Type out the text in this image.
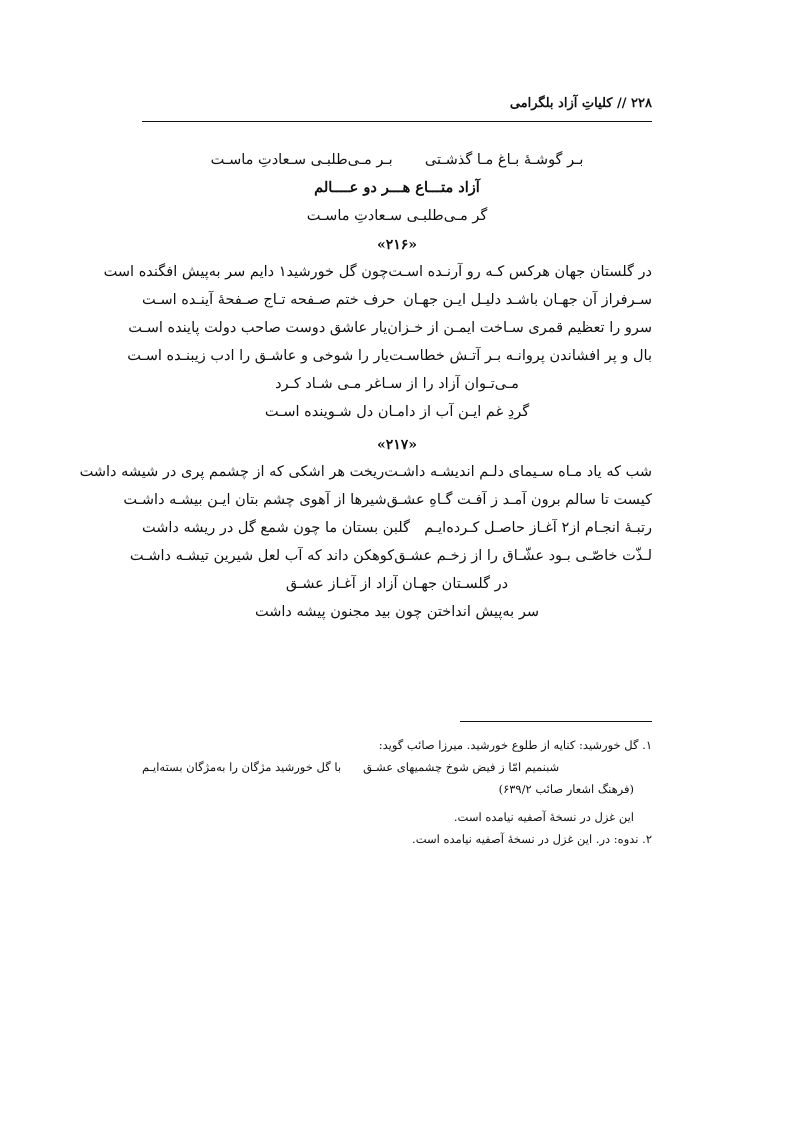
۲۲۸ // کلیاتِ آزاد بلگرامی
بـر گوشـۀ بـاغ مـا گذشـتی       بـر مـی‌طلبـی سـعادتِ ماسـت
آزاد متـــاع هـــر دو عــــالم
گر مـی‌طلبـی سـعادتِ ماسـت
«۲۱۶»
در گلستان جهان هرکس کـه رو آرنـده اسـت
چون گل خورشید۱ دایم سر به‌پیش افگنده است
سـرفراز آن جهـان باشـد دلیـل ایـن جهـان
حرف ختم صـفحه تـاج صـفحۀ آینـده اسـت
سرو را تعظیم قمری سـاخت ایمـن از خـزان
یار عاشق دوست صاحب دولت پاینده اسـت
بال و پر افشاندن پروانـه بـر آتـش خطاسـت
یار را شوخی و عاشـق را ادب زیبنـده اسـت
مـی‌تـوان آزاد را از سـاغر مـی شـاد کـرد
گردِ غم ایـن آب از دامـان دل شـوینده اسـت
«۲۱۷»
شب که یاد مـاه سـیمای دلـم اندیشـه داشـت
ریخت هر اشکی که از چشمم پری در شیشه داشت
کیست تا سالم برون آمـد ز آفـت گـاهِ عشـق
شیرها از آهوی چشم بتان ایـن بیشـه داشـت
رتبـۀ انجـام از۲ آغـاز حاصـل کـرده‌ایـم
گلبن بستان ما چون شمع گل در ریشه داشت
لـذّت خاصّـی بـود عشّـاق را از زخـم عشـق
کوهکن داند که آب لعل شیرین تیشـه داشـت
در گلسـتان جهـان آزاد از آغـاز عشـق
سر به‌پیش انداختن چون بید مجنون پیشه داشت
۱. گل خورشید: کنایه از طلوع خورشید. میرزا صائب گوید:
شبنمیم امّا ز فیض شوخ چشمیهای عشـق
با گل خورشید مژگان را به‌مژگان بسته‌ایـم
(فرهنگ اشعار صائب ۶۳۹/۲)
این غزل در نسخۀ آصفیه نیامده است.
۲. ندوه: در. این غزل در نسخۀ آصفیه نیامده است.
